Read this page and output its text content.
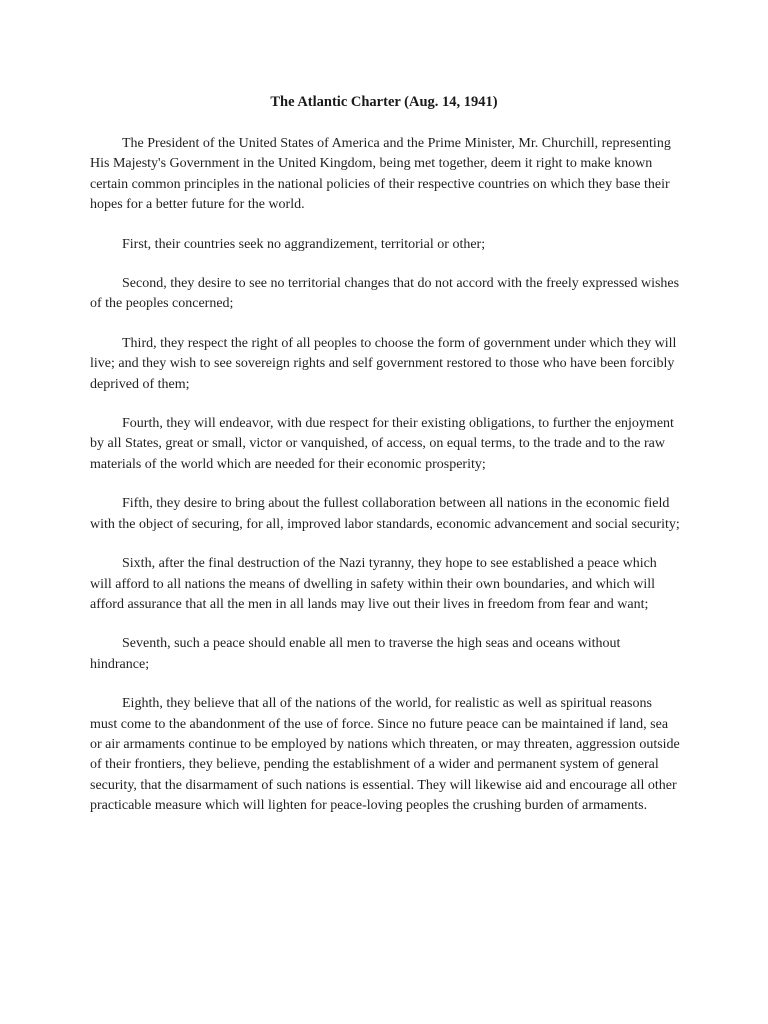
The Atlantic Charter (Aug. 14, 1941)

The President of the United States of America and the Prime Minister, Mr. Churchill, representing His Majesty's Government in the United Kingdom, being met together, deem it right to make known certain common principles in the national policies of their respective countries on which they base their hopes for a better future for the world.

First, their countries seek no aggrandizement, territorial or other;

Second, they desire to see no territorial changes that do not accord with the freely expressed wishes of the peoples concerned;

Third, they respect the right of all peoples to choose the form of government under which they will live; and they wish to see sovereign rights and self government restored to those who have been forcibly deprived of them;

Fourth, they will endeavor, with due respect for their existing obligations, to further the enjoyment by all States, great or small, victor or vanquished, of access, on equal terms, to the trade and to the raw materials of the world which are needed for their economic prosperity;

Fifth, they desire to bring about the fullest collaboration between all nations in the economic field with the object of securing, for all, improved labor standards, economic advancement and social security;

Sixth, after the final destruction of the Nazi tyranny, they hope to see established a peace which will afford to all nations the means of dwelling in safety within their own boundaries, and which will afford assurance that all the men in all lands may live out their lives in freedom from fear and want;

Seventh, such a peace should enable all men to traverse the high seas and oceans without hindrance;

Eighth, they believe that all of the nations of the world, for realistic as well as spiritual reasons must come to the abandonment of the use of force. Since no future peace can be maintained if land, sea or air armaments continue to be employed by nations which threaten, or may threaten, aggression outside of their frontiers, they believe, pending the establishment of a wider and permanent system of general security, that the disarmament of such nations is essential. They will likewise aid and encourage all other practicable measure which will lighten for peace-loving peoples the crushing burden of armaments.
